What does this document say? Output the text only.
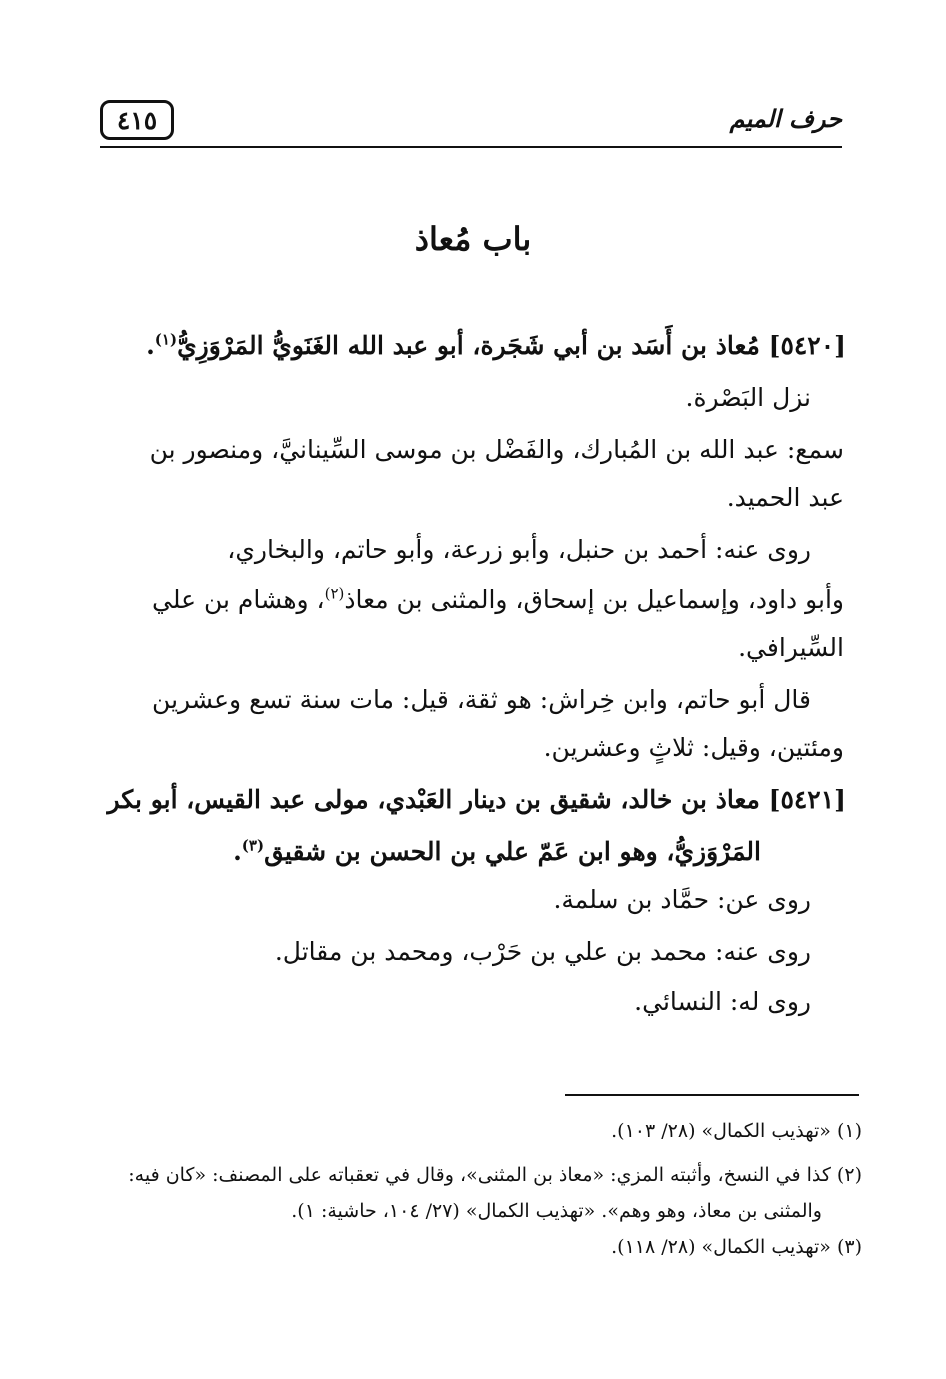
٤١٥	حرف الميم
باب مُعاذ
[٥٤٢٠] مُعاذ بن أَسَد بن أبي شَجَرة، أبو عبد الله الغَنَويُّ المَرْوَزِيُّ$^{(١)}$.
نزل البَصْرة.
سمع: عبد الله بن المُبارك، والفَضْل بن موسى السِّينانيَّ، ومنصور بن
عبد الحميد.
روى عنه: أحمد بن حنبل، وأبو زرعة، وأبو حاتم، والبخاري،
وأبو داود، وإسماعيل بن إسحاق، والمثنى بن معاذ$^{(٢)}$، وهشام بن علي
السِّيرافي.
قال أبو حاتم، وابن خِراش: هو ثقة، قيل: مات سنة تسع وعشرين
ومئتين، وقيل: ثلاثٍ وعشرين.
[٥٤٢١] معاذ بن خالد، شقيق بن دينار العَبْدي، مولى عبد القيس، أبو بكر
المَرْوَزيُّ، وهو ابن عَمّ علي بن الحسن بن شقيق$^{(٣)}$.
روى عن: حمَّاد بن سلمة.
روى عنه: محمد بن علي بن حَرْب، ومحمد بن مقاتل.
روى له: النسائي.
(١) «تهذيب الكمال» (٢٨/ ١٠٣).
(٢) كذا في النسخ، وأثبته المزي: «معاذ بن المثنى»، وقال في تعقباته على المصنف: «كان فيه:
والمثنى بن معاذ، وهو وهم». «تهذيب الكمال» (٢٧/ ١٠٤، حاشية: ١).
(٣) «تهذيب الكمال» (٢٨/ ١١٨).
